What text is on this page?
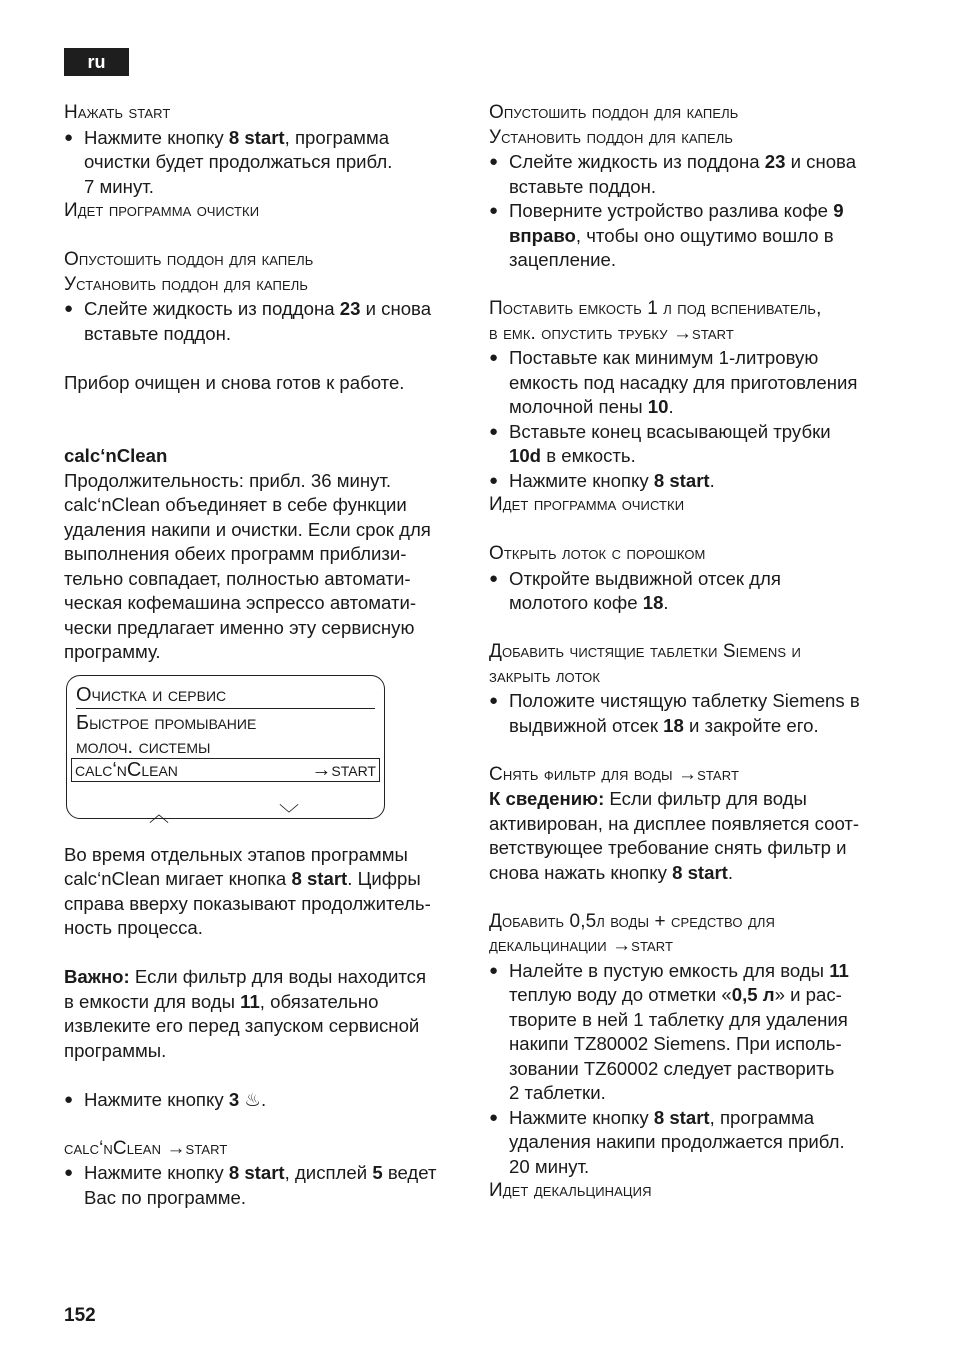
ru
Нажать start
● Нажмите кнопку 8 start, программа
очистки будет продолжаться прибл.
7 минут.
Идет программа очистки
Опустошить поддон для капель
Установить поддон для капель
● Слейте жидкость из поддона 23 и снова
вставьте поддон.
Прибор очищен и снова готов к работе.
calc‘nClean
Продолжительность: прибл. 36 минут.
calc‘nClean объединяет в себе функции
удаления накипи и очистки. Если срок для
выполнения обеих программ приблизи-
тельно совпадает, полностью автомати-
ческая кофемашина эспрессо автомати-
чески предлагает именно эту сервисную
программу.
Очистка и сервис
Быстрое промывание
молоч. системы
calc‘nClean	→start
︿	﹀
Во время отдельных этапов программы
calc‘nClean мигает кнопка 8 start. Цифры
справа вверху показывают продолжитель-
ность процесса.
Важно: Если фильтр для воды находится
в емкости для воды 11, обязательно
извлеките его перед запуском сервисной
программы.
● Нажмите кнопку 3 ♨.
calc‘nClean →start
● Нажмите кнопку 8 start, дисплей 5 ведет
Вас по программе.
Опустошить поддон для капель
Установить поддон для капель
● Слейте жидкость из поддона 23 и снова
вставьте поддон.
● Поверните устройство разлива кофе 9
вправо, чтобы оно ощутимо вошло в
зацепление.
Поставить емкость 1 л под вспениватель,
в емк. опустить трубку →start
● Поставьте как минимум 1-литровую
емкость под насадку для приготовления
молочной пены 10.
● Вставьте конец всасывающей трубки
10d в емкость.
● Нажмите кнопку 8 start.
Идет программа очистки
Открыть лоток с порошком
● Откройте выдвижной отсек для
молотого кофе 18.
Добавить чистящие таблетки Siemens и
закрыть лоток
● Положите чистящую таблетку Siemens в
выдвижной отсек 18 и закройте его.
Снять фильтр для воды →start
К сведению: Если фильтр для воды
активирован, на дисплее появляется соот-
ветствующее требование снять фильтр и
снова нажать кнопку 8 start.
Добавить 0,5л воды + средство для
декальцинации →start
● Налейте в пустую емкость для воды 11
теплую воду до отметки «0,5 л» и рас-
творите в ней 1 таблетку для удаления
накипи TZ80002 Siemens. При исполь-
зовании TZ60002 следует растворить
2 таблетки.
● Нажмите кнопку 8 start, программа
удаления накипи продолжается прибл.
20 минут.
Идет декальцинация
152
